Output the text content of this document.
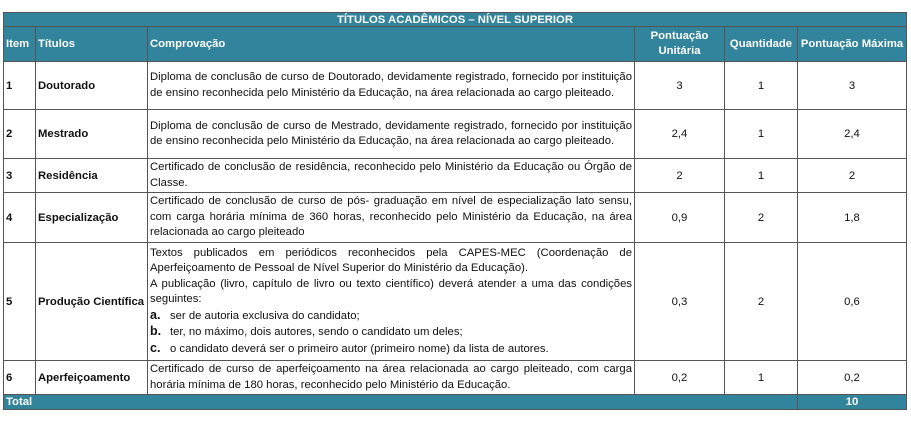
TÍTULOS ACADÊMICOS – NÍVEL SUPERIOR					
Item	Títulos	Comprovação	Pontuação Unitária	Quantidade	Pontuação Máxima
1	Doutorado	Diploma de conclusão de curso de Doutorado, devidamente registrado, fornecido por instituição de ensino reconhecida pelo Ministério da Educação, na área relacionada ao cargo pleiteado.	3	1	3
2	Mestrado	Diploma de conclusão de curso de Mestrado, devidamente registrado, fornecido por instituição de ensino reconhecida pelo Ministério da Educação, na área relacionada ao cargo pleiteado.	2,4	1	2,4
3	Residência	Certificado de conclusão de residência, reconhecido pelo Ministério da Educação ou Órgão de Classe.	2	1	2
4	Especialização	Certificado de conclusão de curso de pós- graduação em nível de especialização lato sensu, com carga horária mínima de 360 horas, reconhecido pelo Ministério da Educação, na área relacionada ao cargo pleiteado	0,9	2	1,8
5	Produção Científica	Textos publicados em periódicos reconhecidos pela CAPES-MEC (Coordenação de Aperfeiçoamento de Pessoal de Nível Superior do Ministério da Educação).
A publicação (livro, capítulo de livro ou texto científico) deverá atender a uma das condições seguintes:
a. ser de autoria exclusiva do candidato;
b. ter, no máximo, dois autores, sendo o candidato um deles;
c. o candidato deverá ser o primeiro autor (primeiro nome) da lista de autores.	0,3	2	0,6
6	Aperfeiçoamento	Certificado de curso de aperfeiçoamento na área relacionada ao cargo pleiteado, com carga horária mínima de 180 horas, reconhecido pelo Ministério da Educação.	0,2	1	0,2
Total					10
